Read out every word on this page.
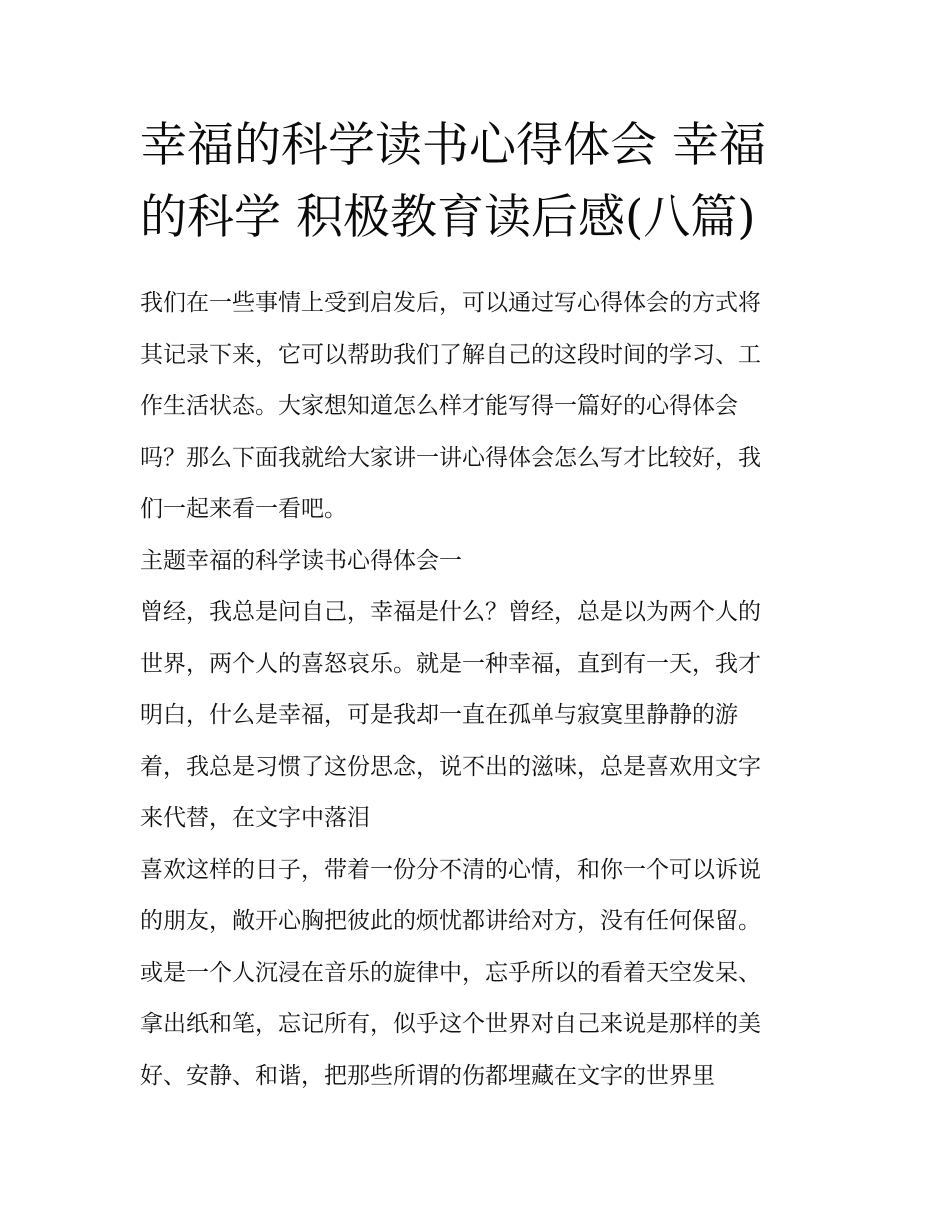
幸福的科学读书心得体会 幸福
的科学 积极教育读后感(八篇)

我们在一些事情上受到启发后，可以通过写心得体会的方式将
其记录下来，它可以帮助我们了解自己的这段时间的学习、工
作生活状态。大家想知道怎么样才能写得一篇好的心得体会
吗？那么下面我就给大家讲一讲心得体会怎么写才比较好，我
们一起来看一看吧。

主题幸福的科学读书心得体会一

曾经，我总是问自己，幸福是什么？曾经，总是以为两个人的
世界，两个人的喜怒哀乐。就是一种幸福，直到有一天，我才
明白，什么是幸福，可是我却一直在孤单与寂寞里静静的游
着，我总是习惯了这份思念，说不出的滋味，总是喜欢用文字
来代替，在文字中落泪

喜欢这样的日子，带着一份分不清的心情，和你一个可以诉说
的朋友，敞开心胸把彼此的烦忧都讲给对方，没有任何保留。
或是一个人沉浸在音乐的旋律中，忘乎所以的看着天空发呆、
拿出纸和笔，忘记所有，似乎这个世界对自己来说是那样的美
好、安静、和谐，把那些所谓的伤都埋藏在文字的世界里
